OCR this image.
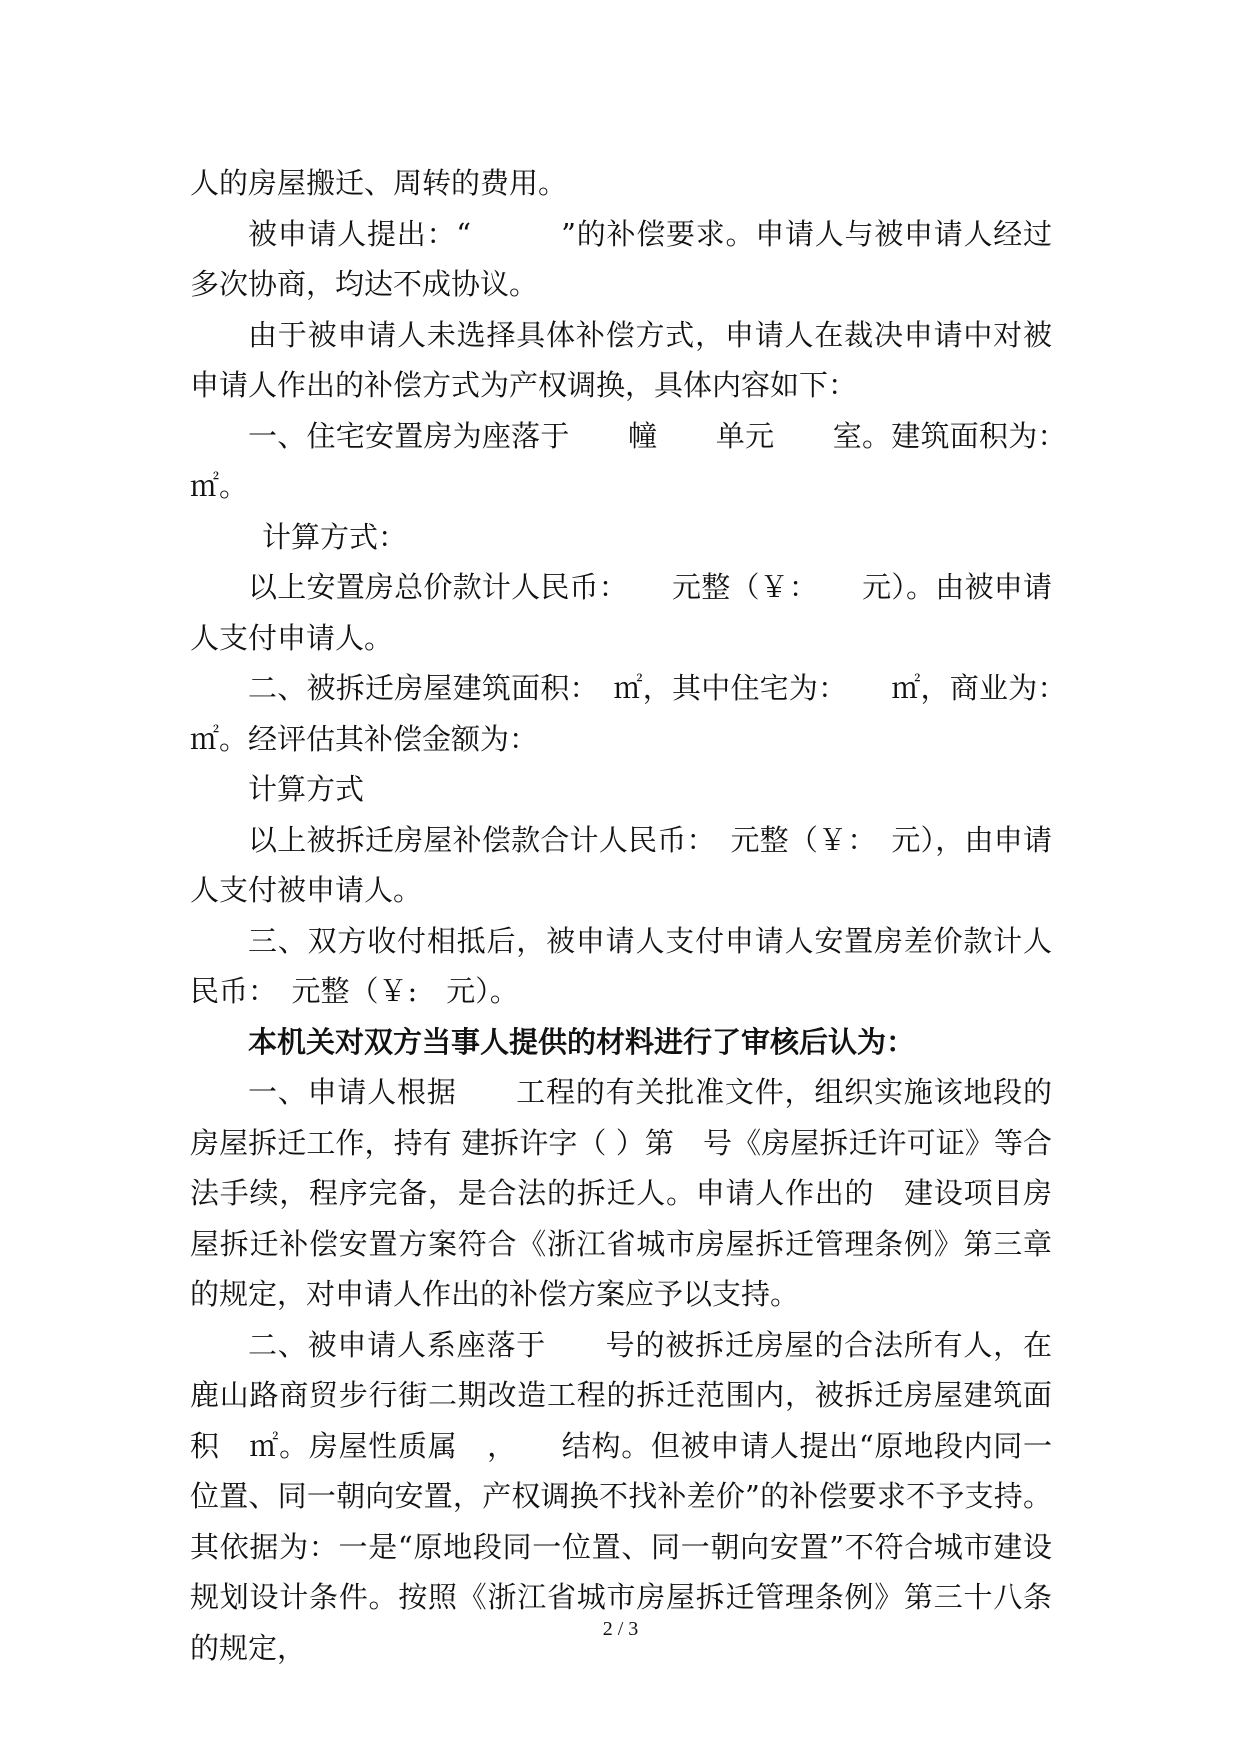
人的房屋搬迁、周转的费用。

被申请人提出：“　　　”的补偿要求。申请人与被申请人经过多次协商，均达不成协议。

由于被申请人未选择具体补偿方式，申请人在裁决申请中对被申请人作出的补偿方式为产权调换，具体内容如下：

一、住宅安置房为座落于　　幢　　单元　　室。建筑面积为：　㎡。

计算方式：

以上安置房总价款计人民币：　　元整（￥：　　元）。由被申请人支付申请人。

二、被拆迁房屋建筑面积：　㎡，其中住宅为：　　㎡，商业为：　㎡。经评估其补偿金额为：

计算方式

以上被拆迁房屋补偿款合计人民币：　元整（￥：　元），由申请人支付被申请人。

三、双方收付相抵后，被申请人支付申请人安置房差价款计人民币：　元整（￥:　元）。

本机关对双方当事人提供的材料进行了审核后认为：

一、申请人根据　　工程的有关批准文件，组织实施该地段的房屋拆迁工作，持有 建拆许字（ ）第　号《房屋拆迁许可证》等合法手续，程序完备，是合法的拆迁人。申请人作出的　建设项目房屋拆迁补偿安置方案符合《浙江省城市房屋拆迁管理条例》第三章的规定，对申请人作出的补偿方案应予以支持。

二、被申请人系座落于　　号的被拆迁房屋的合法所有人，在鹿山路商贸步行街二期改造工程的拆迁范围内，被拆迁房屋建筑面积　㎡。房屋性质属　，　　结构。但被申请人提出“原地段内同一位置、同一朝向安置，产权调换不找补差价”的补偿要求不予支持。其依据为：一是“原地段同一位置、同一朝向安置”不符合城市建设规划设计条件。按照《浙江省城市房屋拆迁管理条例》第三十八条的规定，

2 / 3
